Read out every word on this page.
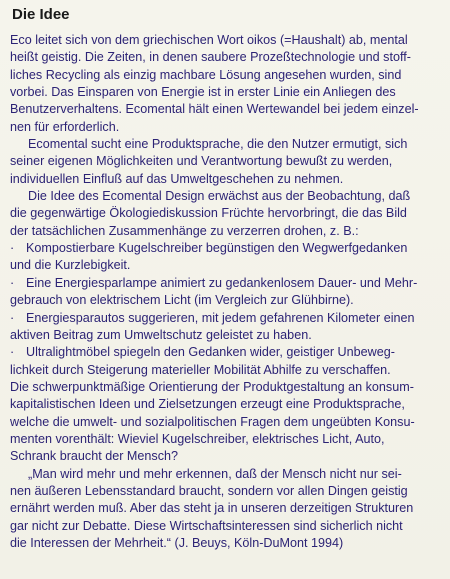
Die Idee
Eco leitet sich von dem griechischen Wort oikos (=Haushalt) ab, mental
heißt geistig. Die Zeiten, in denen saubere Prozeßtechnologie und stoff-
liches Recycling als einzig machbare Lösung angesehen wurden, sind
vorbei. Das Einsparen von Energie ist in erster Linie ein Anliegen des
Benutzerverhaltens. Ecomental hält einen Wertewandel bei jedem einzel-
nen für erforderlich.
Ecomental sucht eine Produktsprache, die den Nutzer ermutigt, sich
seiner eigenen Möglichkeiten und Verantwortung bewußt zu werden,
individuellen Einfluß auf das Umweltgeschehen zu nehmen.
Die Idee des Ecomental Design erwächst aus der Beobachtung, daß
die gegenwärtige Ökologiediskussion Früchte hervorbringt, die das Bild
der tatsächlichen Zusammenhänge zu verzerren drohen, z. B.:
· Kompostierbare Kugelschreiber begünstigen den Wegwerfgedanken
und die Kurzlebigkeit.
· Eine Energiesparlampe animiert zu gedankenlosem Dauer- und Mehr-
gebrauch von elektrischem Licht (im Vergleich zur Glühbirne).
· Energiesparautos suggerieren, mit jedem gefahrenen Kilometer einen
aktiven Beitrag zum Umweltschutz geleistet zu haben.
· Ultralightmöbel spiegeln den Gedanken wider, geistiger Unbeweg-
lichkeit durch Steigerung materieller Mobilität Abhilfe zu verschaffen.
Die schwerpunktmäßige Orientierung der Produktgestaltung an konsum-
kapitalistischen Ideen und Zielsetzungen erzeugt eine Produktsprache,
welche die umwelt- und sozialpolitischen Fragen dem ungeübten Konsu-
menten vorenthält: Wieviel Kugelschreiber, elektrisches Licht, Auto,
Schrank braucht der Mensch?
„Man wird mehr und mehr erkennen, daß der Mensch nicht nur sei-
nen äußeren Lebensstandard braucht, sondern vor allen Dingen geistig
ernährt werden muß. Aber das steht ja in unseren derzeitigen Strukturen
gar nicht zur Debatte. Diese Wirtschaftsinteressen sind sicherlich nicht
die Interessen der Mehrheit.“ (J. Beuys, Köln-DuMont 1994)
